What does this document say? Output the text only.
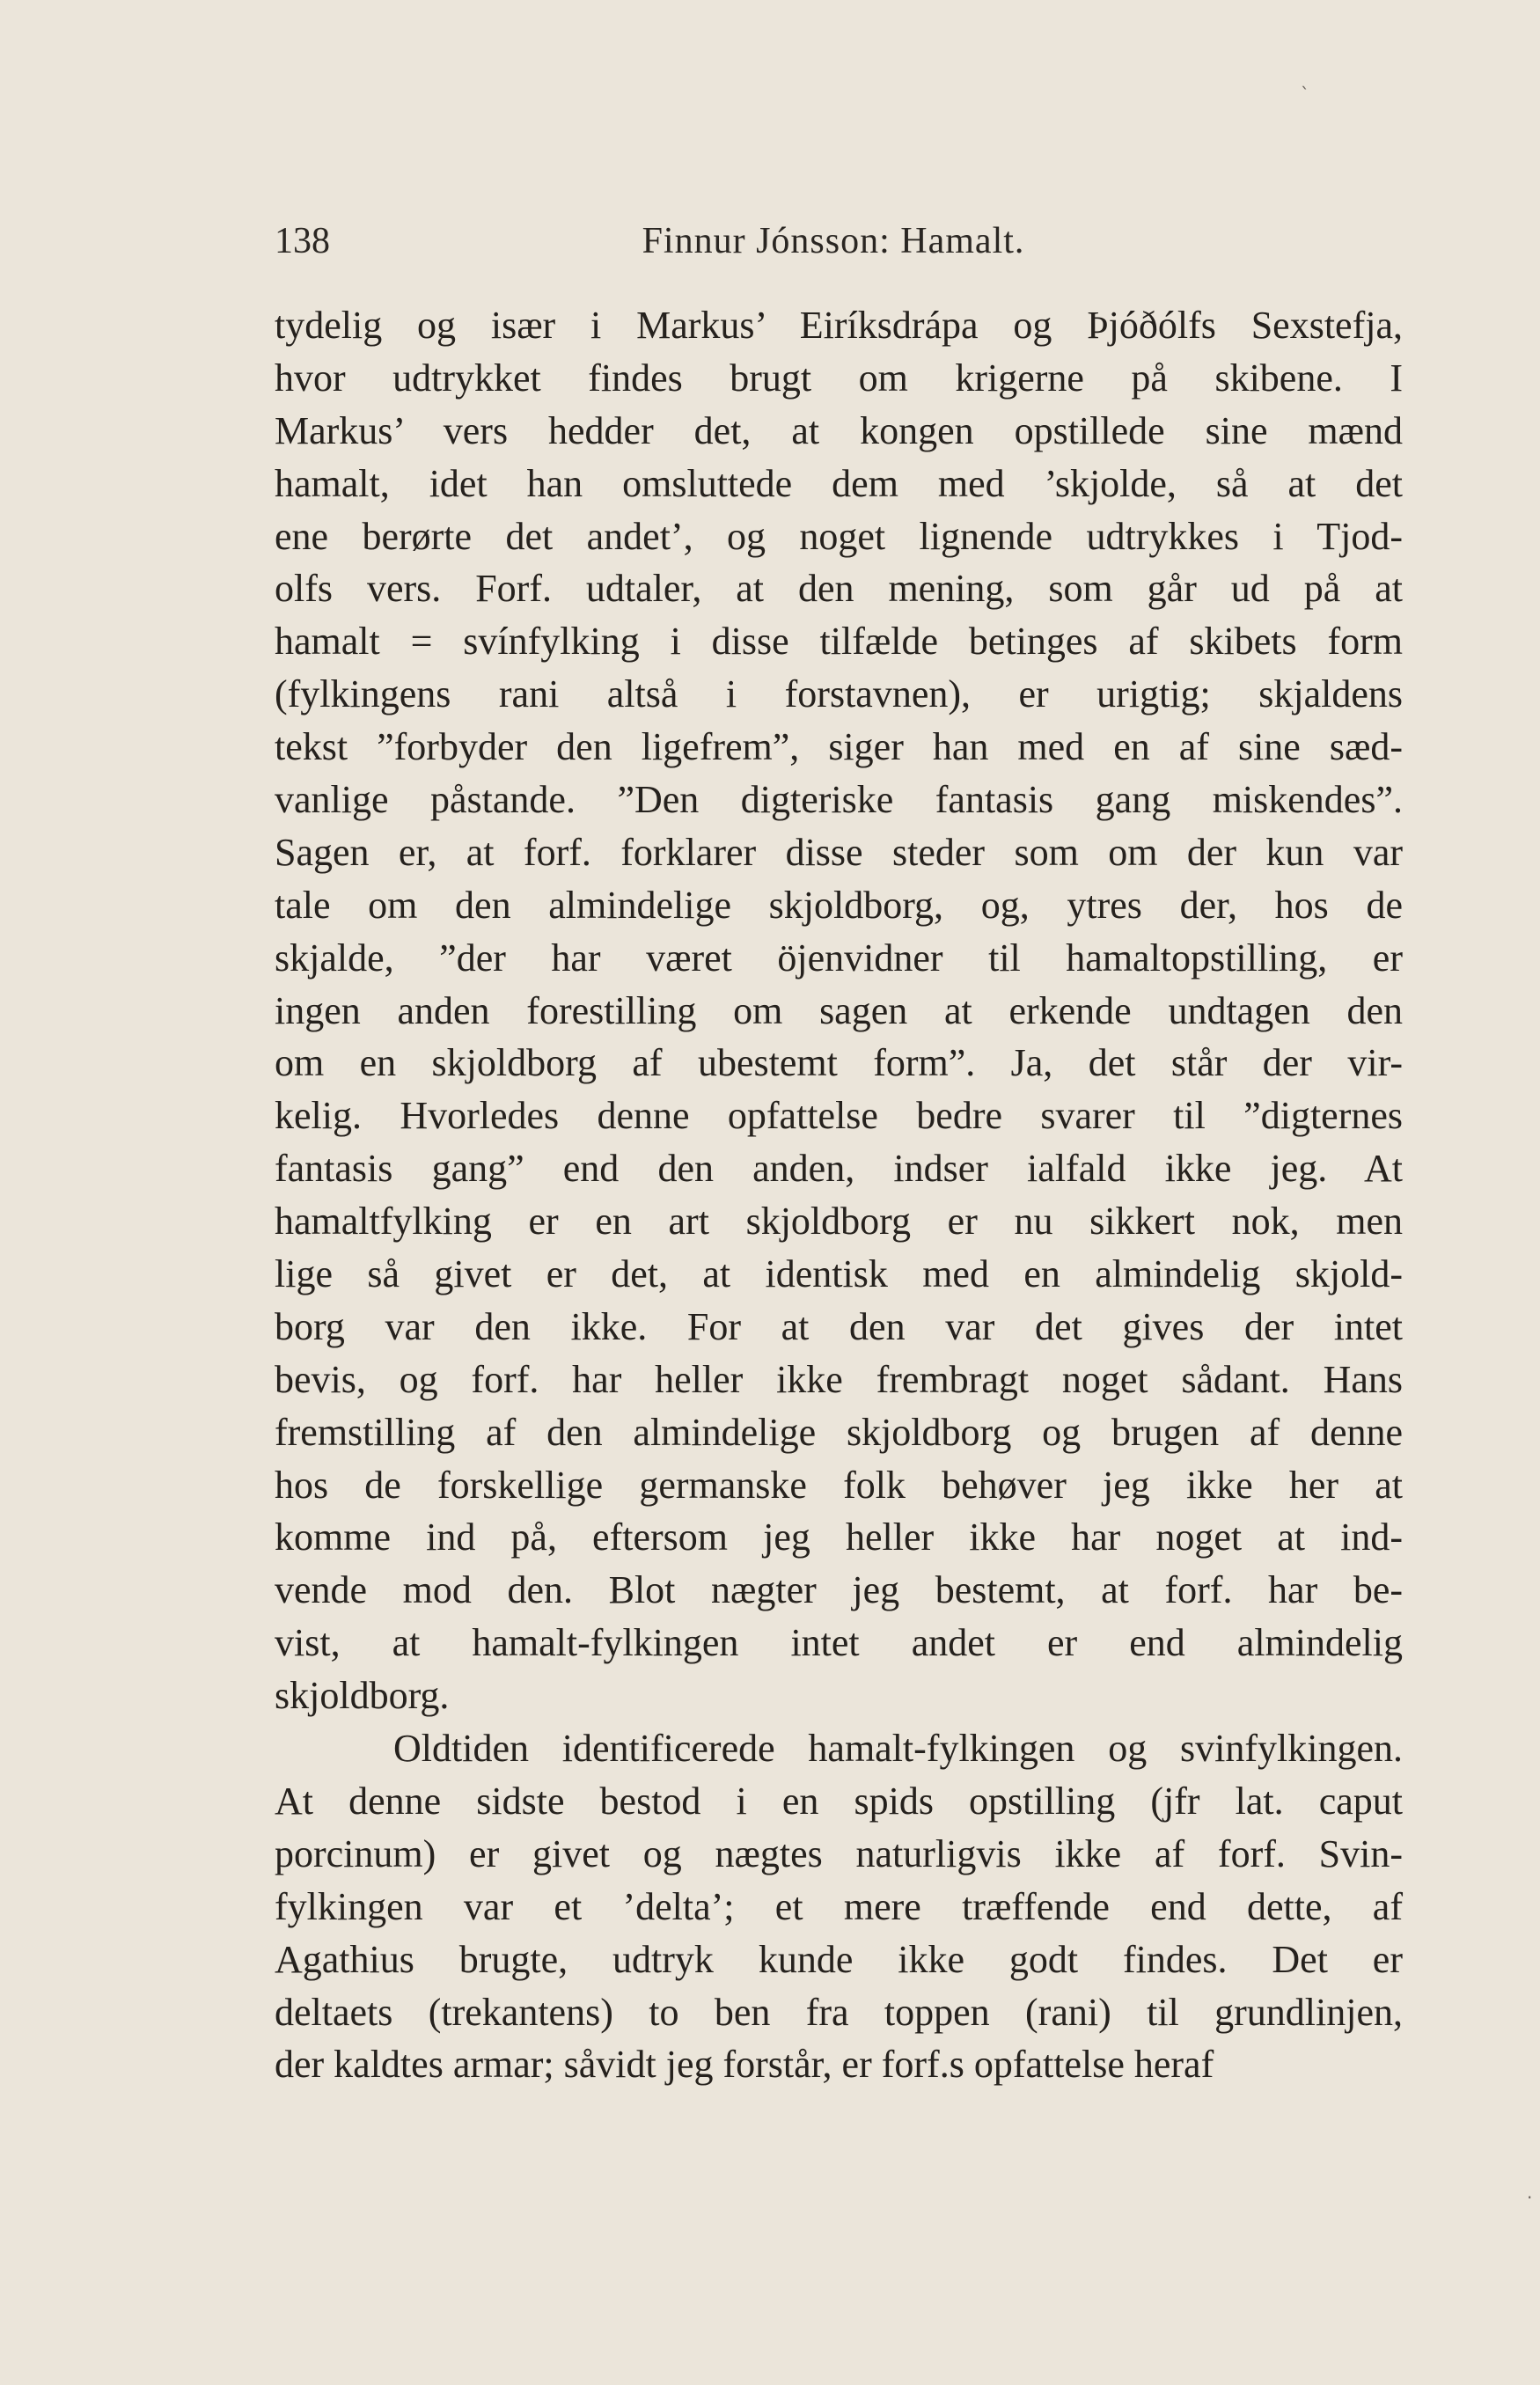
138	Finnur Jónsson: Hamalt.
tydelig og især i Markus’ Eiríksdrápa og Þjóðólfs Sexstefja,
hvor udtrykket findes brugt om krigerne på skibene. I
Markus’ vers hedder det, at kongen opstillede sine mænd
hamalt, idet han omsluttede dem med ’skjolde, så at det
ene berørte det andet’, og noget lignende udtrykkes i Tjod-
olfs vers. Forf. udtaler, at den mening, som går ud på at
hamalt = svínfylking i disse tilfælde betinges af skibets form
(fylkingens rani altså i forstavnen), er urigtig; skjaldens
tekst ”forbyder den ligefrem”, siger han med en af sine sæd-
vanlige påstande. ”Den digteriske fantasis gang miskendes”.
Sagen er, at forf. forklarer disse steder som om der kun var
tale om den almindelige skjoldborg, og, ytres der, hos de
skjalde, ”der har været öjenvidner til hamaltopstilling, er
ingen anden forestilling om sagen at erkende undtagen den
om en skjoldborg af ubestemt form”. Ja, det står der vir-
kelig. Hvorledes denne opfattelse bedre svarer til ”digternes
fantasis gang” end den anden, indser ialfald ikke jeg. At
hamaltfylking er en art skjoldborg er nu sikkert nok, men
lige så givet er det, at identisk med en almindelig skjold-
borg var den ikke. For at den var det gives der intet
bevis, og forf. har heller ikke frembragt noget sådant. Hans
fremstilling af den almindelige skjoldborg og brugen af denne
hos de forskellige germanske folk behøver jeg ikke her at
komme ind på, eftersom jeg heller ikke har noget at ind-
vende mod den. Blot nægter jeg bestemt, at forf. har be-
vist, at hamalt-fylkingen intet andet er end almindelig
skjoldborg.
Oldtiden identificerede hamalt-fylkingen og svinfylkingen.
At denne sidste bestod i en spids opstilling (jfr lat. caput
porcinum) er givet og nægtes naturligvis ikke af forf. Svin-
fylkingen var et ’delta’; et mere træffende end dette, af
Agathius brugte, udtryk kunde ikke godt findes. Det er
deltaets (trekantens) to ben fra toppen (rani) til grundlinjen,
der kaldtes armar; såvidt jeg forstår, er forf.s opfattelse heraf
`
·
